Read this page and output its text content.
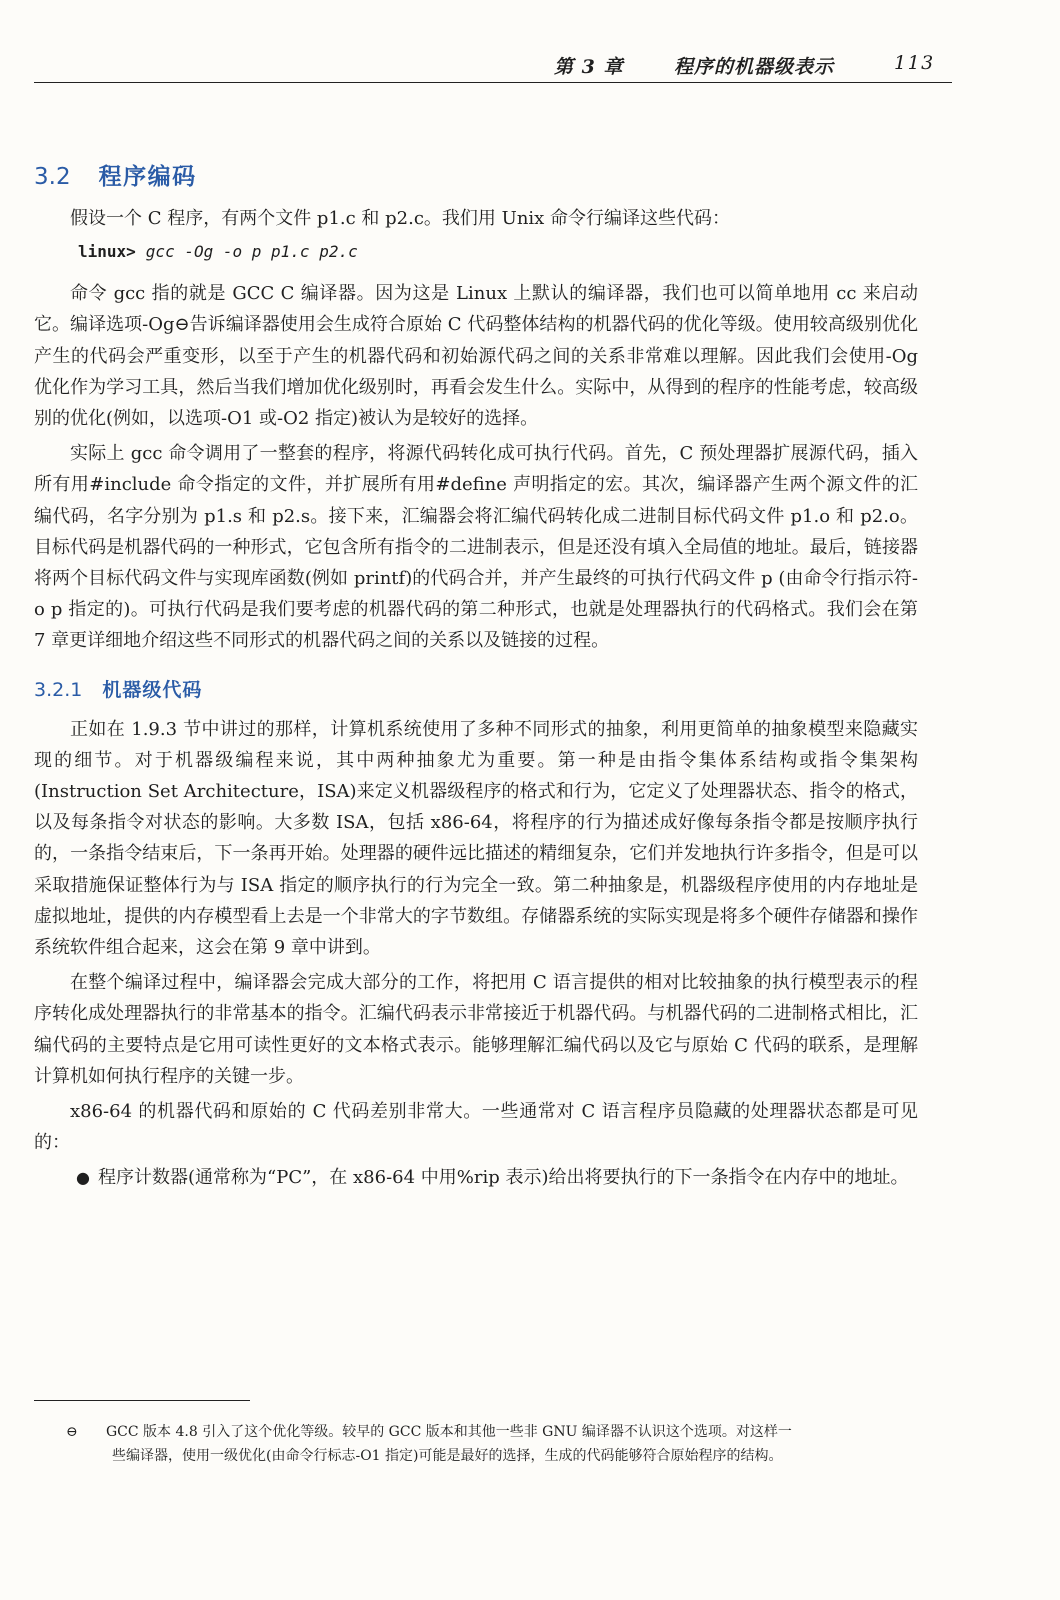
第 3 章	程序的机器级表示	113
3.2 程序编码

假设一个 C 程序，有两个文件 p1.c 和 p2.c。我们用 Unix 命令行编译这些代码：

linux> gcc -Og -o p p1.c p2.c

命令 gcc 指的就是 GCC C 编译器。因为这是 Linux 上默认的编译器，我们也可以简单地用 cc 来启动它。编译选项-Og⊖告诉编译器使用会生成符合原始 C 代码整体结构的机器代码的优化等级。使用较高级别优化产生的代码会严重变形，以至于产生的机器代码和初始源代码之间的关系非常难以理解。因此我们会使用-Og 优化作为学习工具，然后当我们增加优化级别时，再看会发生什么。实际中，从得到的程序的性能考虑，较高级别的优化(例如，以选项-O1 或-O2 指定)被认为是较好的选择。

实际上 gcc 命令调用了一整套的程序，将源代码转化成可执行代码。首先，C 预处理器扩展源代码，插入所有用#include 命令指定的文件，并扩展所有用#define 声明指定的宏。其次，编译器产生两个源文件的汇编代码，名字分别为 p1.s 和 p2.s。接下来，汇编器会将汇编代码转化成二进制目标代码文件 p1.o 和 p2.o。目标代码是机器代码的一种形式，它包含所有指令的二进制表示，但是还没有填入全局值的地址。最后，链接器将两个目标代码文件与实现库函数(例如 printf)的代码合并，并产生最终的可执行代码文件 p (由命令行指示符-o p 指定的)。可执行代码是我们要考虑的机器代码的第二种形式，也就是处理器执行的代码格式。我们会在第 7 章更详细地介绍这些不同形式的机器代码之间的关系以及链接的过程。

3.2.1 机器级代码

正如在 1.9.3 节中讲过的那样，计算机系统使用了多种不同形式的抽象，利用更简单的抽象模型来隐藏实现的细节。对于机器级编程来说，其中两种抽象尤为重要。第一种是由指令集体系结构或指令集架构(Instruction Set Architecture，ISA)来定义机器级程序的格式和行为，它定义了处理器状态、指令的格式，以及每条指令对状态的影响。大多数 ISA，包括 x86-64，将程序的行为描述成好像每条指令都是按顺序执行的，一条指令结束后，下一条再开始。处理器的硬件远比描述的精细复杂，它们并发地执行许多指令，但是可以采取措施保证整体行为与 ISA 指定的顺序执行的行为完全一致。第二种抽象是，机器级程序使用的内存地址是虚拟地址，提供的内存模型看上去是一个非常大的字节数组。存储器系统的实际实现是将多个硬件存储器和操作系统软件组合起来，这会在第 9 章中讲到。

在整个编译过程中，编译器会完成大部分的工作，将把用 C 语言提供的相对比较抽象的执行模型表示的程序转化成处理器执行的非常基本的指令。汇编代码表示非常接近于机器代码。与机器代码的二进制格式相比，汇编代码的主要特点是它用可读性更好的文本格式表示。能够理解汇编代码以及它与原始 C 代码的联系，是理解计算机如何执行程序的关键一步。

x86-64 的机器代码和原始的 C 代码差别非常大。一些通常对 C 语言程序员隐藏的处理器状态都是可见的：

● 程序计数器(通常称为“PC”，在 x86-64 中用%rip 表示)给出将要执行的下一条指令在内存中的地址。
⊖ GCC 版本 4.8 引入了这个优化等级。较早的 GCC 版本和其他一些非 GNU 编译器不认识这个选项。对这样一
些编译器，使用一级优化(由命令行标志-O1 指定)可能是最好的选择，生成的代码能够符合原始程序的结构。
